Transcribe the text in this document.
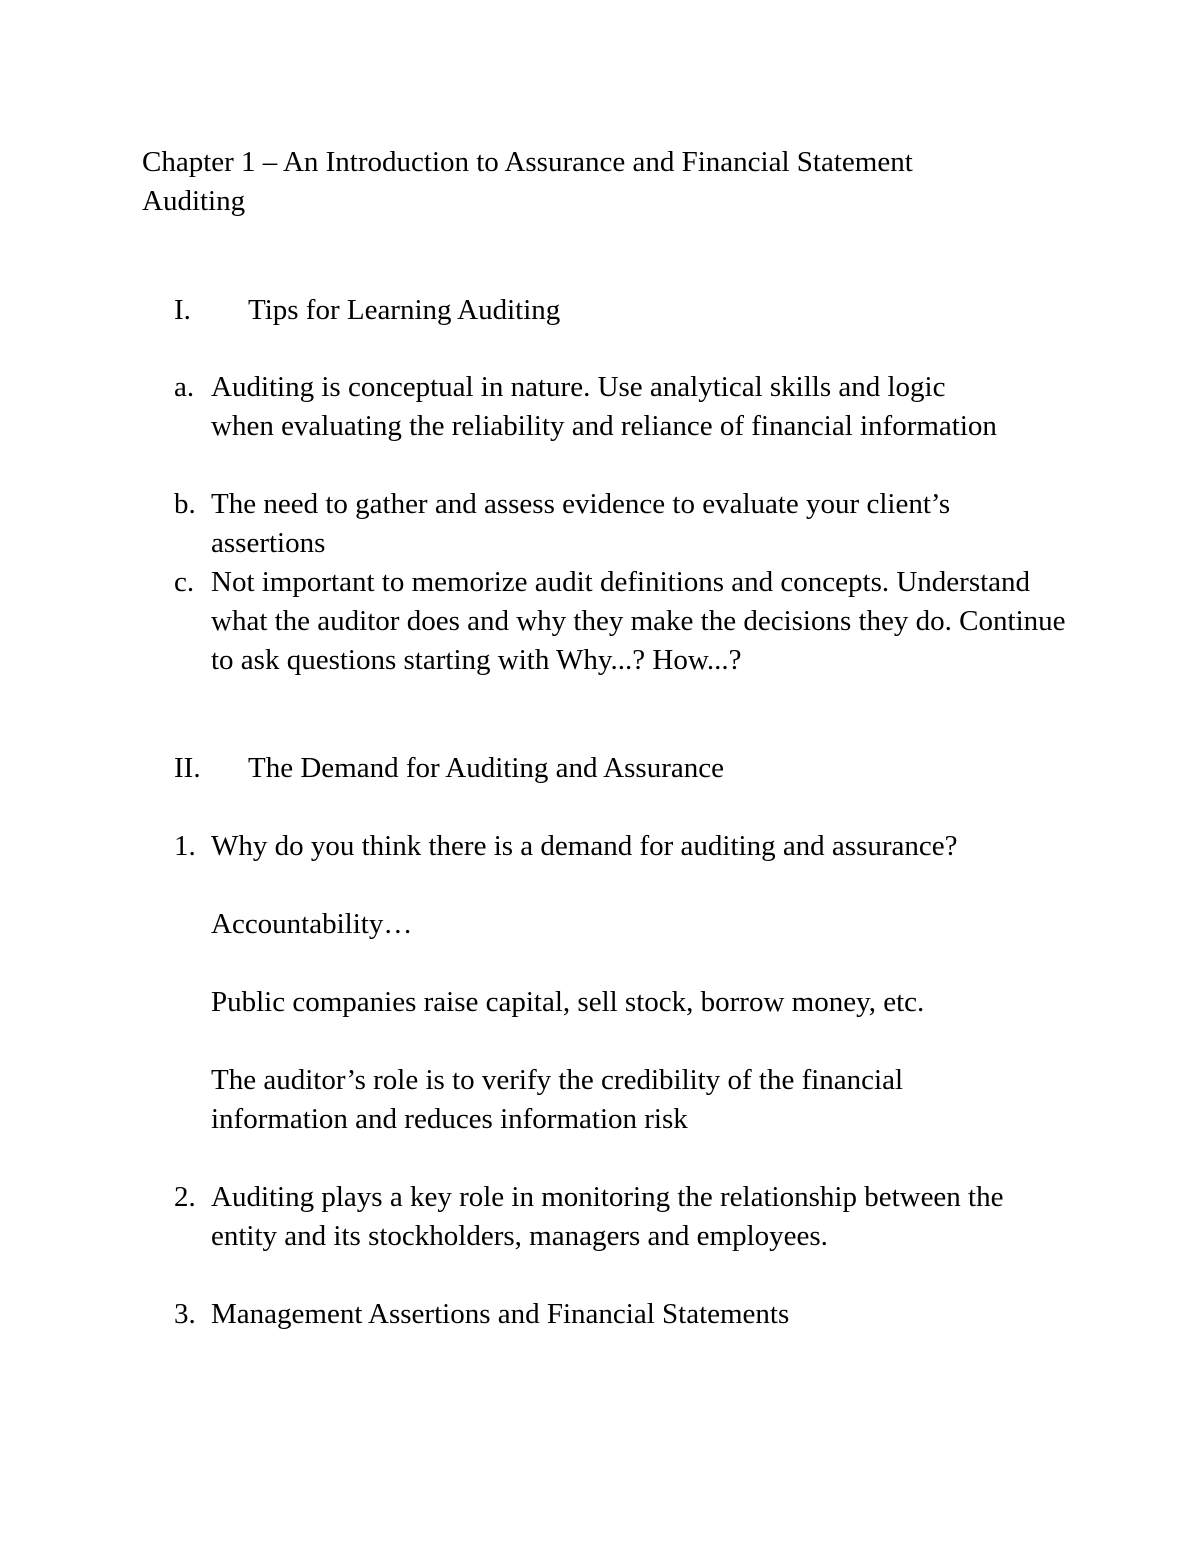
Chapter 1 – An Introduction to Assurance and Financial Statement
Auditing
I. Tips for Learning Auditing
a. Auditing is conceptual in nature. Use analytical skills and logic when evaluating the reliability and reliance of financial information

b. The need to gather and assess evidence to evaluate your client’s assertions

c. Not important to memorize audit definitions and concepts. Understand what the auditor does and why they make the decisions they do. Continue to ask questions starting with Why...? How...?

II. The Demand for Auditing and Assurance
1. Why do you think there is a demand for auditing and assurance?

Accountability…

Public companies raise capital, sell stock, borrow money, etc.

The auditor’s role is to verify the credibility of the financial information and reduces information risk

2. Auditing plays a key role in monitoring the relationship between the entity and its stockholders, managers and employees.

3. Management Assertions and Financial Statements
